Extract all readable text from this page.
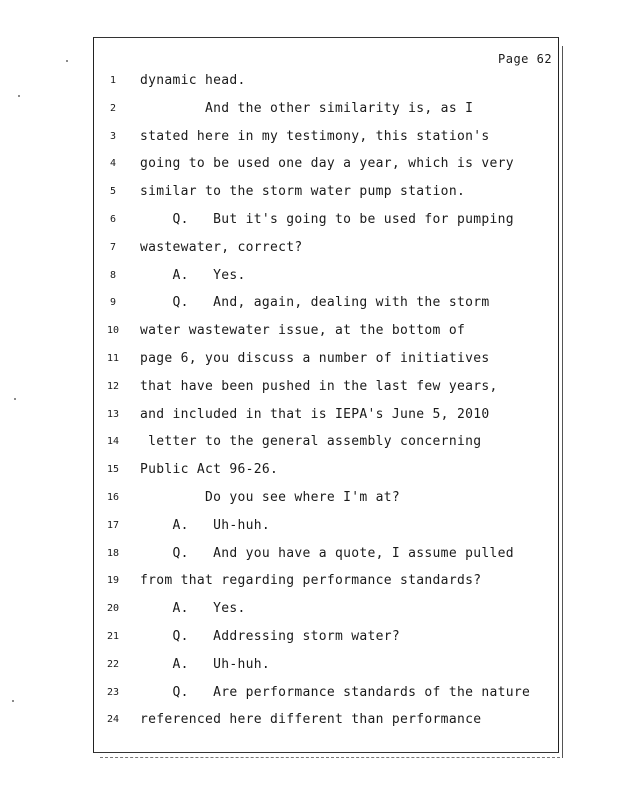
Page 62
1	dynamic head.
2	And the other similarity is, as I
3	stated here in my testimony, this station's
4	going to be used one day a year, which is very
5	similar to the storm water pump station.
6	Q.   But it's going to be used for pumping
7	wastewater, correct?
8	A.   Yes.
9	Q.   And, again, dealing with the storm
10	water wastewater issue, at the bottom of
11	page 6, you discuss a number of initiatives
12	that have been pushed in the last few years,
13	and included in that is IEPA's June 5, 2010
14	letter to the general assembly concerning
15	Public Act 96-26.
16	Do you see where I'm at?
17	A.   Uh-huh.
18	Q.   And you have a quote, I assume pulled
19	from that regarding performance standards?
20	A.   Yes.
21	Q.   Addressing storm water?
22	A.   Uh-huh.
23	Q.   Are performance standards of the nature
24	referenced here different than performance
